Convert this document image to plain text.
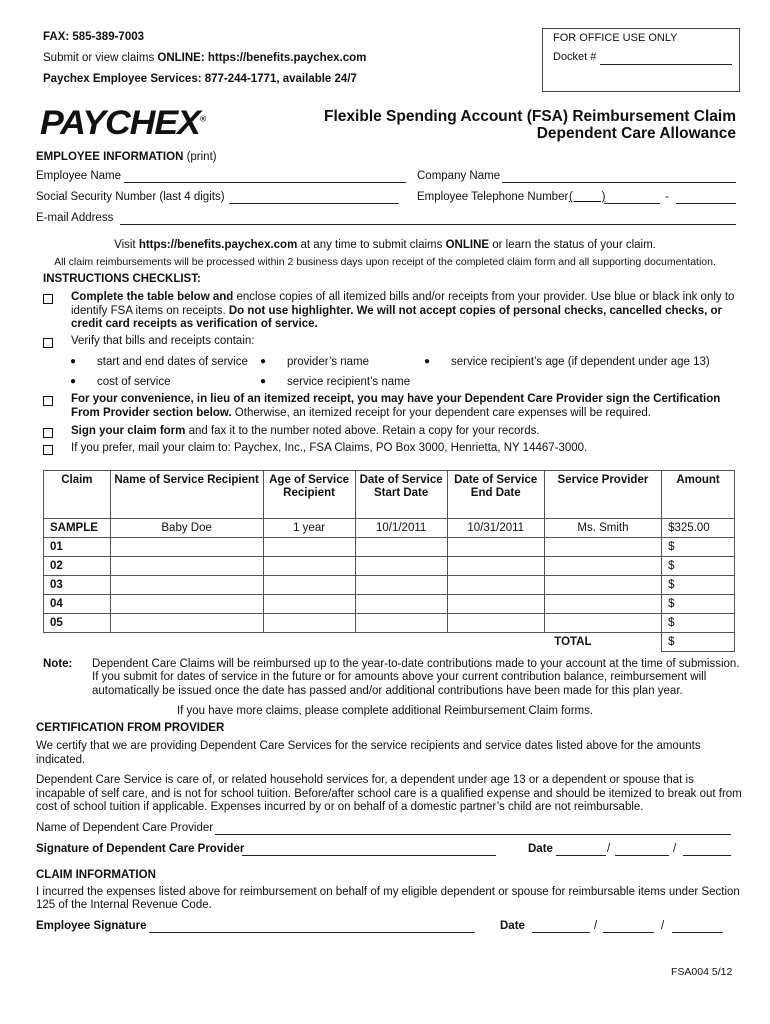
FAX: 585-389-7003
Submit or view claims ONLINE: https://benefits.paychex.com
Paychex Employee Services: 877-244-1771, available 24/7
FOR OFFICE USE ONLY
Docket #
PAYCHEX®	Flexible Spending Account (FSA) Reimbursement Claim
Dependent Care Allowance
EMPLOYEE INFORMATION (print)
Employee Name	Company Name
Social Security Number (last 4 digits)	Employee Telephone Number (         )	-
E-mail Address
Visit https://benefits.paychex.com at any time to submit claims ONLINE or learn the status of your claim.
All claim reimbursements will be processed within 2 business days upon receipt of the completed claim form and all supporting documentation.
INSTRUCTIONS CHECKLIST:
Complete the table below and enclose copies of all itemized bills and/or receipts from your provider. Use blue or black ink only to
identify FSA items on receipts. Do not use highlighter. We will not accept copies of personal checks, cancelled checks, or
credit card receipts as verification of service.
Verify that bills and receipts contain:
● start and end dates of service ● provider’s name	● service recipient’s age (if dependent under age 13)
● cost of service	● service recipient’s name
For your convenience, in lieu of an itemized receipt, you may have your Dependent Care Provider sign the Certification
From Provider section below. Otherwise, an itemized receipt for your dependent care expenses will be required.
Sign your claim form and fax it to the number noted above. Retain a copy for your records.
If you prefer, mail your claim to: Paychex, Inc., FSA Claims, PO Box 3000, Henrietta, NY 14467-3000.
Claim	Name of Service Recipient	Age of Service Recipient	Date of Service Start Date	Date of Service End Date	Service Provider	Amount
SAMPLE	Baby Doe	1 year	10/1/2011	10/31/2011	Ms. Smith	$325.00
01						$
02						$
03						$
04						$
05						$
					TOTAL	$
Note: Dependent Care Claims will be reimbursed up to the year-to-date contributions made to your account at the time of submission.
If you submit for dates of service in the future or for amounts above your current contribution balance, reimbursement will
automatically be issued once the date has passed and/or additional contributions have been made for this plan year.
If you have more claims, please complete additional Reimbursement Claim forms.
CERTIFICATION FROM PROVIDER
We certify that we are providing Dependent Care Services for the service recipients and service dates listed above for the amounts
indicated.
Dependent Care Service is care of, or related household services for, a dependent under age 13 or a dependent or spouse that is
incapable of self care, and is not for school tuition. Before/after school care is a qualified expense and should be itemized to break out from
cost of school tuition if applicable. Expenses incurred by or on behalf of a domestic partner’s child are not reimbursable.
Name of Dependent Care Provider
Signature of Dependent Care Provider	Date	/	/
CLAIM INFORMATION
I incurred the expenses listed above for reimbursement on behalf of my eligible dependent or spouse for reimbursable items under Section
125 of the Internal Revenue Code.
Employee Signature	Date	/	/
FSA004 5/12
